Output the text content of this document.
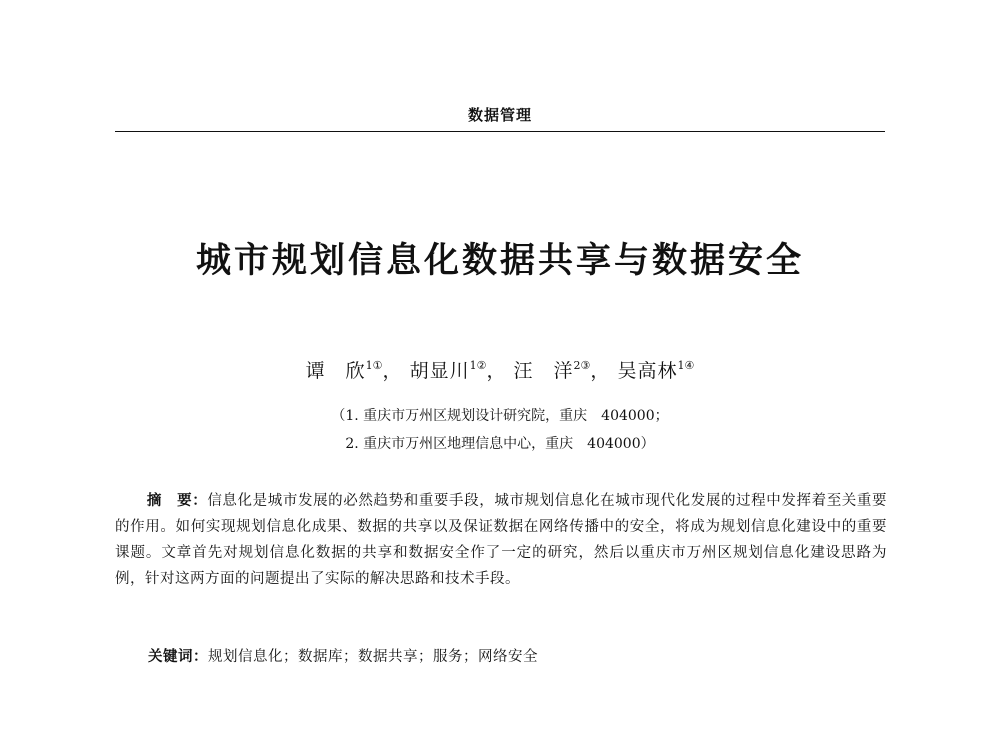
数据管理
城市规划信息化数据共享与数据安全
谭　欣$^{1①}$， 胡显川$^{1②}$， 汪　洋$^{2③}$， 吴高林$^{1④}$
（1. 重庆市万州区规划设计研究院，重庆　404000；
2. 重庆市万州区地理信息中心，重庆　404000）
摘　要：信息化是城市发展的必然趋势和重要手段，城市规划信息化在城市现代化发展的过程中发挥着至关重要的作用。如何实现规划信息化成果、数据的共享以及保证数据在网络传播中的安全，将成为规划信息化建设中的重要课题。文章首先对规划信息化数据的共享和数据安全作了一定的研究，然后以重庆市万州区规划信息化建设思路为例，针对这两方面的问题提出了实际的解决思路和技术手段。
关键词：规划信息化；数据库；数据共享；服务；网络安全
